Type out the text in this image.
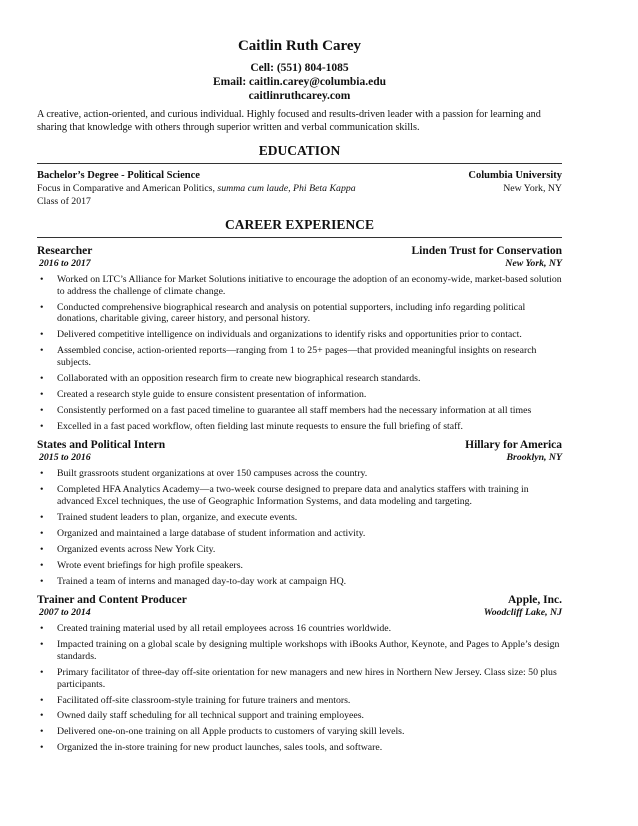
Caitlin Ruth Carey
Cell: (551) 804-1085
Email: caitlin.carey@columbia.edu
caitlinruthcarey.com
A creative, action-oriented, and curious individual. Highly focused and results-driven leader with a passion for learning and sharing that knowledge with others through superior written and verbal communication skills.
EDUCATION
Bachelor’s Degree - Political Science	Columbia University
Focus in Comparative and American Politics, summa cum laude, Phi Beta Kappa	New York, NY
Class of 2017
CAREER EXPERIENCE
Researcher	Linden Trust for Conservation
2016 to 2017	New York, NY
• Worked on LTC’s Alliance for Market Solutions initiative to encourage the adoption of an economy-wide, market-based solution to address the challenge of climate change.
• Conducted comprehensive biographical research and analysis on potential supporters, including info regarding political donations, charitable giving, career history, and personal history.
• Delivered competitive intelligence on individuals and organizations to identify risks and opportunities prior to contact.
• Assembled concise, action-oriented reports—ranging from 1 to 25+ pages—that provided meaningful insights on research subjects.
• Collaborated with an opposition research firm to create new biographical research standards.
• Created a research style guide to ensure consistent presentation of information.
• Consistently performed on a fast paced timeline to guarantee all staff members had the necessary information at all times
• Excelled in a fast paced workflow, often fielding last minute requests to ensure the full briefing of staff.
States and Political Intern	Hillary for America
2015 to 2016	Brooklyn, NY
• Built grassroots student organizations at over 150 campuses across the country.
• Completed HFA Analytics Academy—a two-week course designed to prepare data and analytics staffers with training in advanced Excel techniques, the use of Geographic Information Systems, and data modeling and targeting.
• Trained student leaders to plan, organize, and execute events.
• Organized and maintained a large database of student information and activity.
• Organized events across New York City.
• Wrote event briefings for high profile speakers.
• Trained a team of interns and managed day-to-day work at campaign HQ.
Trainer and Content Producer	Apple, Inc.
2007 to 2014	Woodcliff Lake, NJ
• Created training material used by all retail employees across 16 countries worldwide.
• Impacted training on a global scale by designing multiple workshops with iBooks Author, Keynote, and Pages to Apple’s design standards.
• Primary facilitator of three-day off-site orientation for new managers and new hires in Northern New Jersey. Class size: 50 plus participants.
• Facilitated off-site classroom-style training for future trainers and mentors.
• Owned daily staff scheduling for all technical support and training employees.
• Delivered one-on-one training on all Apple products to customers of varying skill levels.
• Organized the in-store training for new product launches, sales tools, and software.
